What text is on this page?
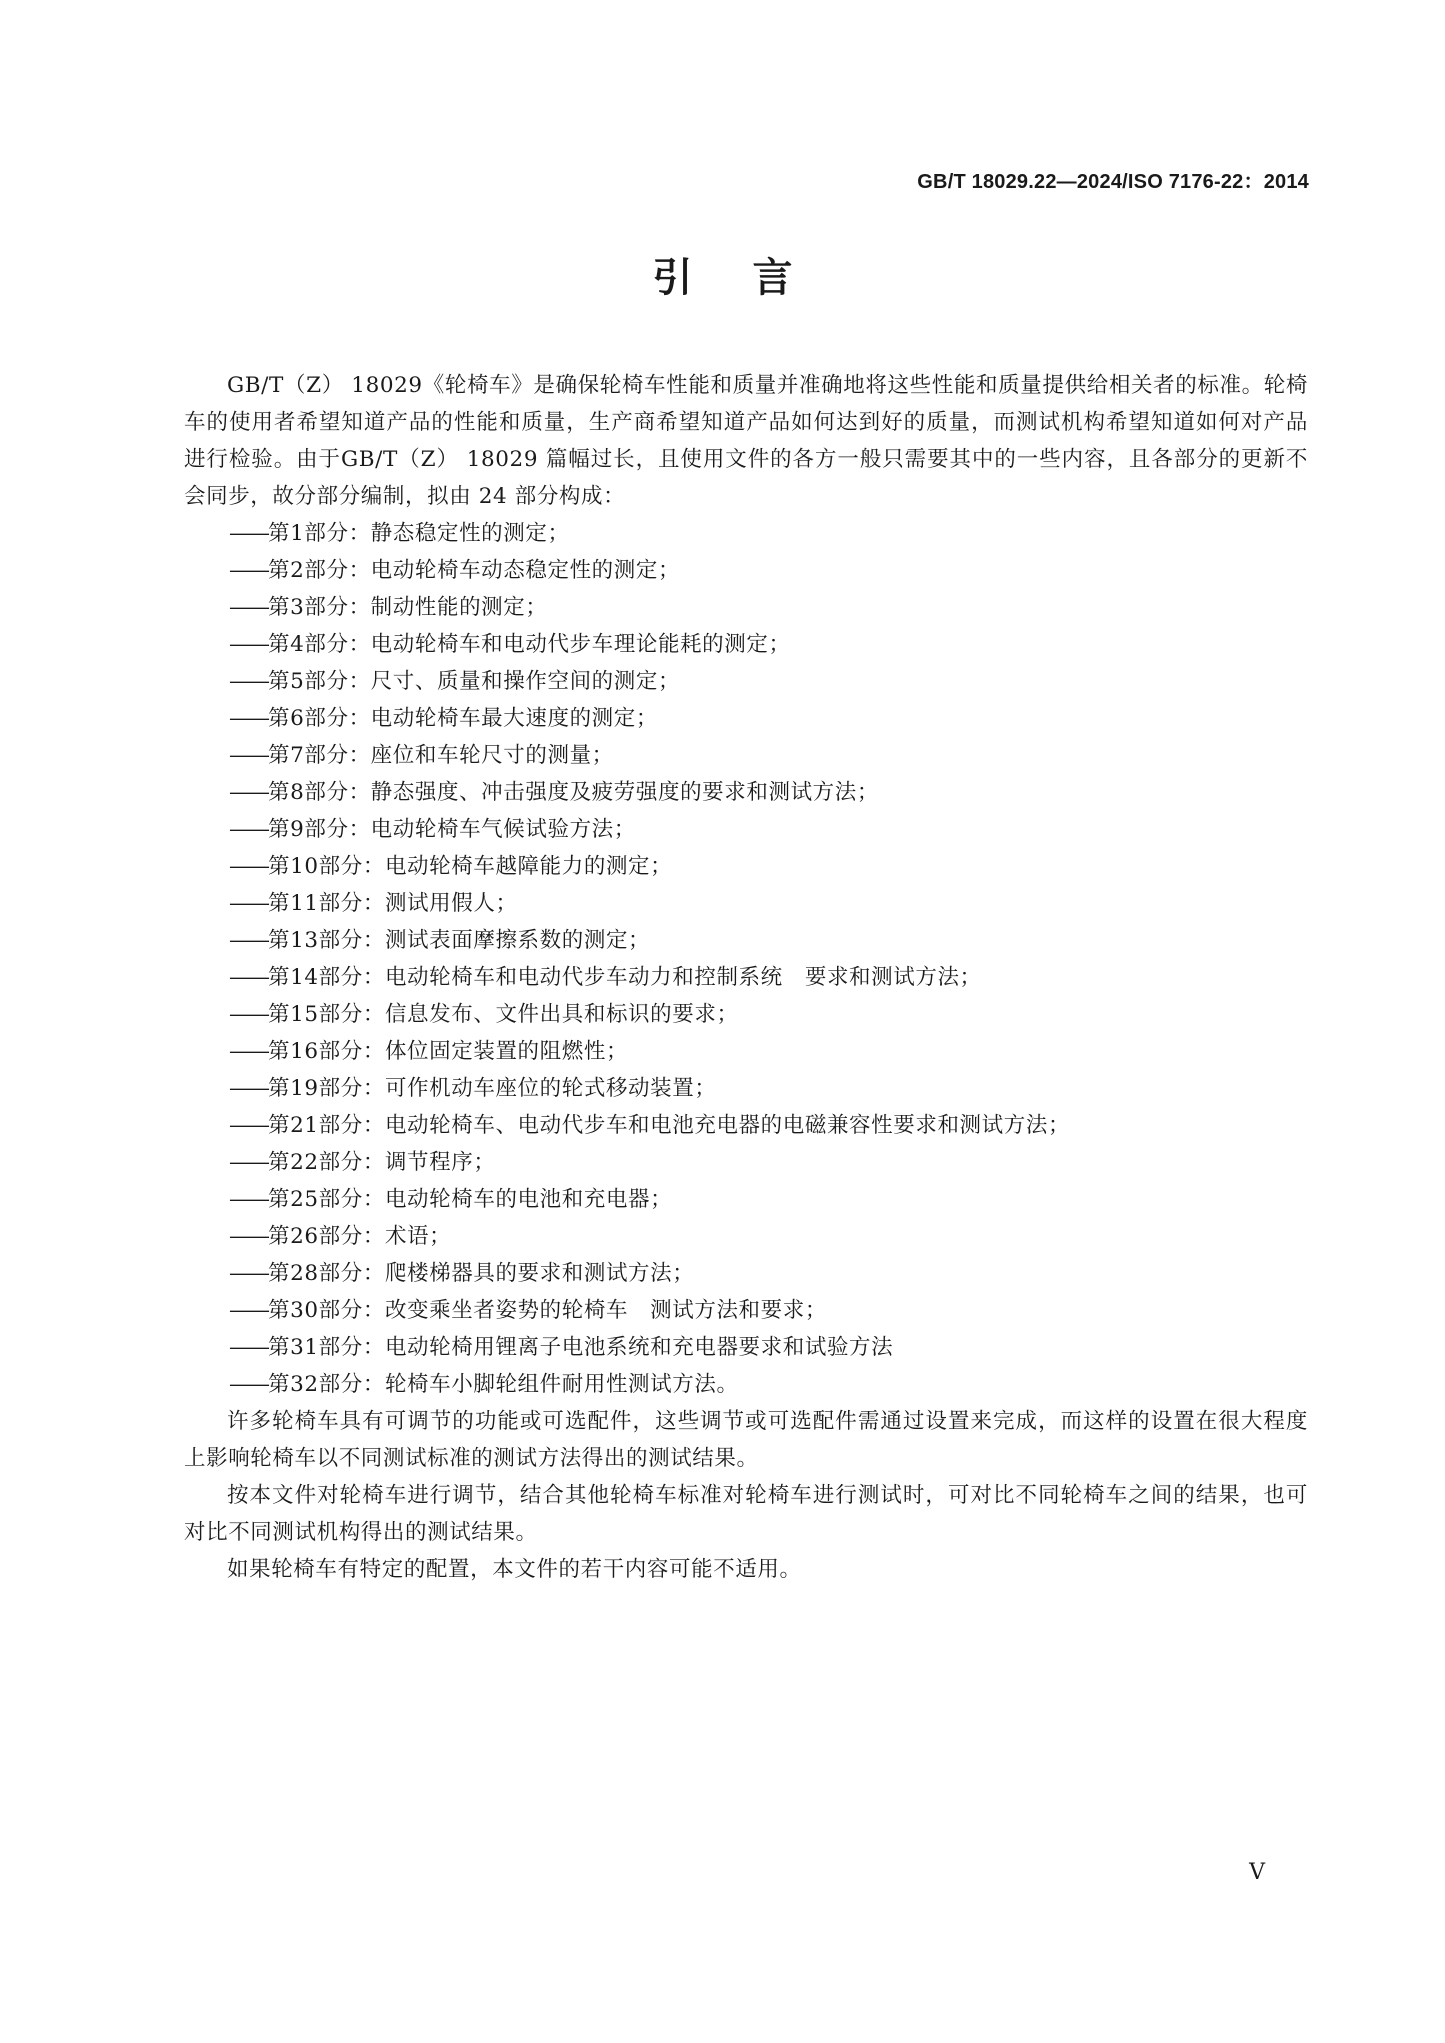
GB/T 18029.22—2024/ISO 7176-22：2014
引言

GB/T（Z） 18029《轮椅车》是确保轮椅车性能和质量并准确地将这些性能和质量提供给相关者的标准。轮椅车的使用者希望知道产品的性能和质量，生产商希望知道产品如何达到好的质量，而测试机构希望知道如何对产品进行检验。由于GB/T（Z） 18029 篇幅过长，且使用文件的各方一般只需要其中的一些内容，且各部分的更新不会同步，故分部分编制，拟由 24 部分构成：

——第1部分：静态稳定性的测定；
——第2部分：电动轮椅车动态稳定性的测定；
——第3部分：制动性能的测定；
——第4部分：电动轮椅车和电动代步车理论能耗的测定；
——第5部分：尺寸、质量和操作空间的测定；
——第6部分：电动轮椅车最大速度的测定；
——第7部分：座位和车轮尺寸的测量；
——第8部分：静态强度、冲击强度及疲劳强度的要求和测试方法；
——第9部分：电动轮椅车气候试验方法；
——第10部分：电动轮椅车越障能力的测定；
——第11部分：测试用假人；
——第13部分：测试表面摩擦系数的测定；
——第14部分：电动轮椅车和电动代步车动力和控制系统　要求和测试方法；
——第15部分：信息发布、文件出具和标识的要求；
——第16部分：体位固定装置的阻燃性；
——第19部分：可作机动车座位的轮式移动装置；
——第21部分：电动轮椅车、电动代步车和电池充电器的电磁兼容性要求和测试方法；
——第22部分：调节程序；
——第25部分：电动轮椅车的电池和充电器；
——第26部分：术语；
——第28部分：爬楼梯器具的要求和测试方法；
——第30部分：改变乘坐者姿势的轮椅车　测试方法和要求；
——第31部分：电动轮椅用锂离子电池系统和充电器要求和试验方法
——第32部分：轮椅车小脚轮组件耐用性测试方法。

许多轮椅车具有可调节的功能或可选配件，这些调节或可选配件需通过设置来完成，而这样的设置在很大程度上影响轮椅车以不同测试标准的测试方法得出的测试结果。

按本文件对轮椅车进行调节，结合其他轮椅车标准对轮椅车进行测试时，可对比不同轮椅车之间的结果，也可对比不同测试机构得出的测试结果。

如果轮椅车有特定的配置，本文件的若干内容可能不适用。

V
